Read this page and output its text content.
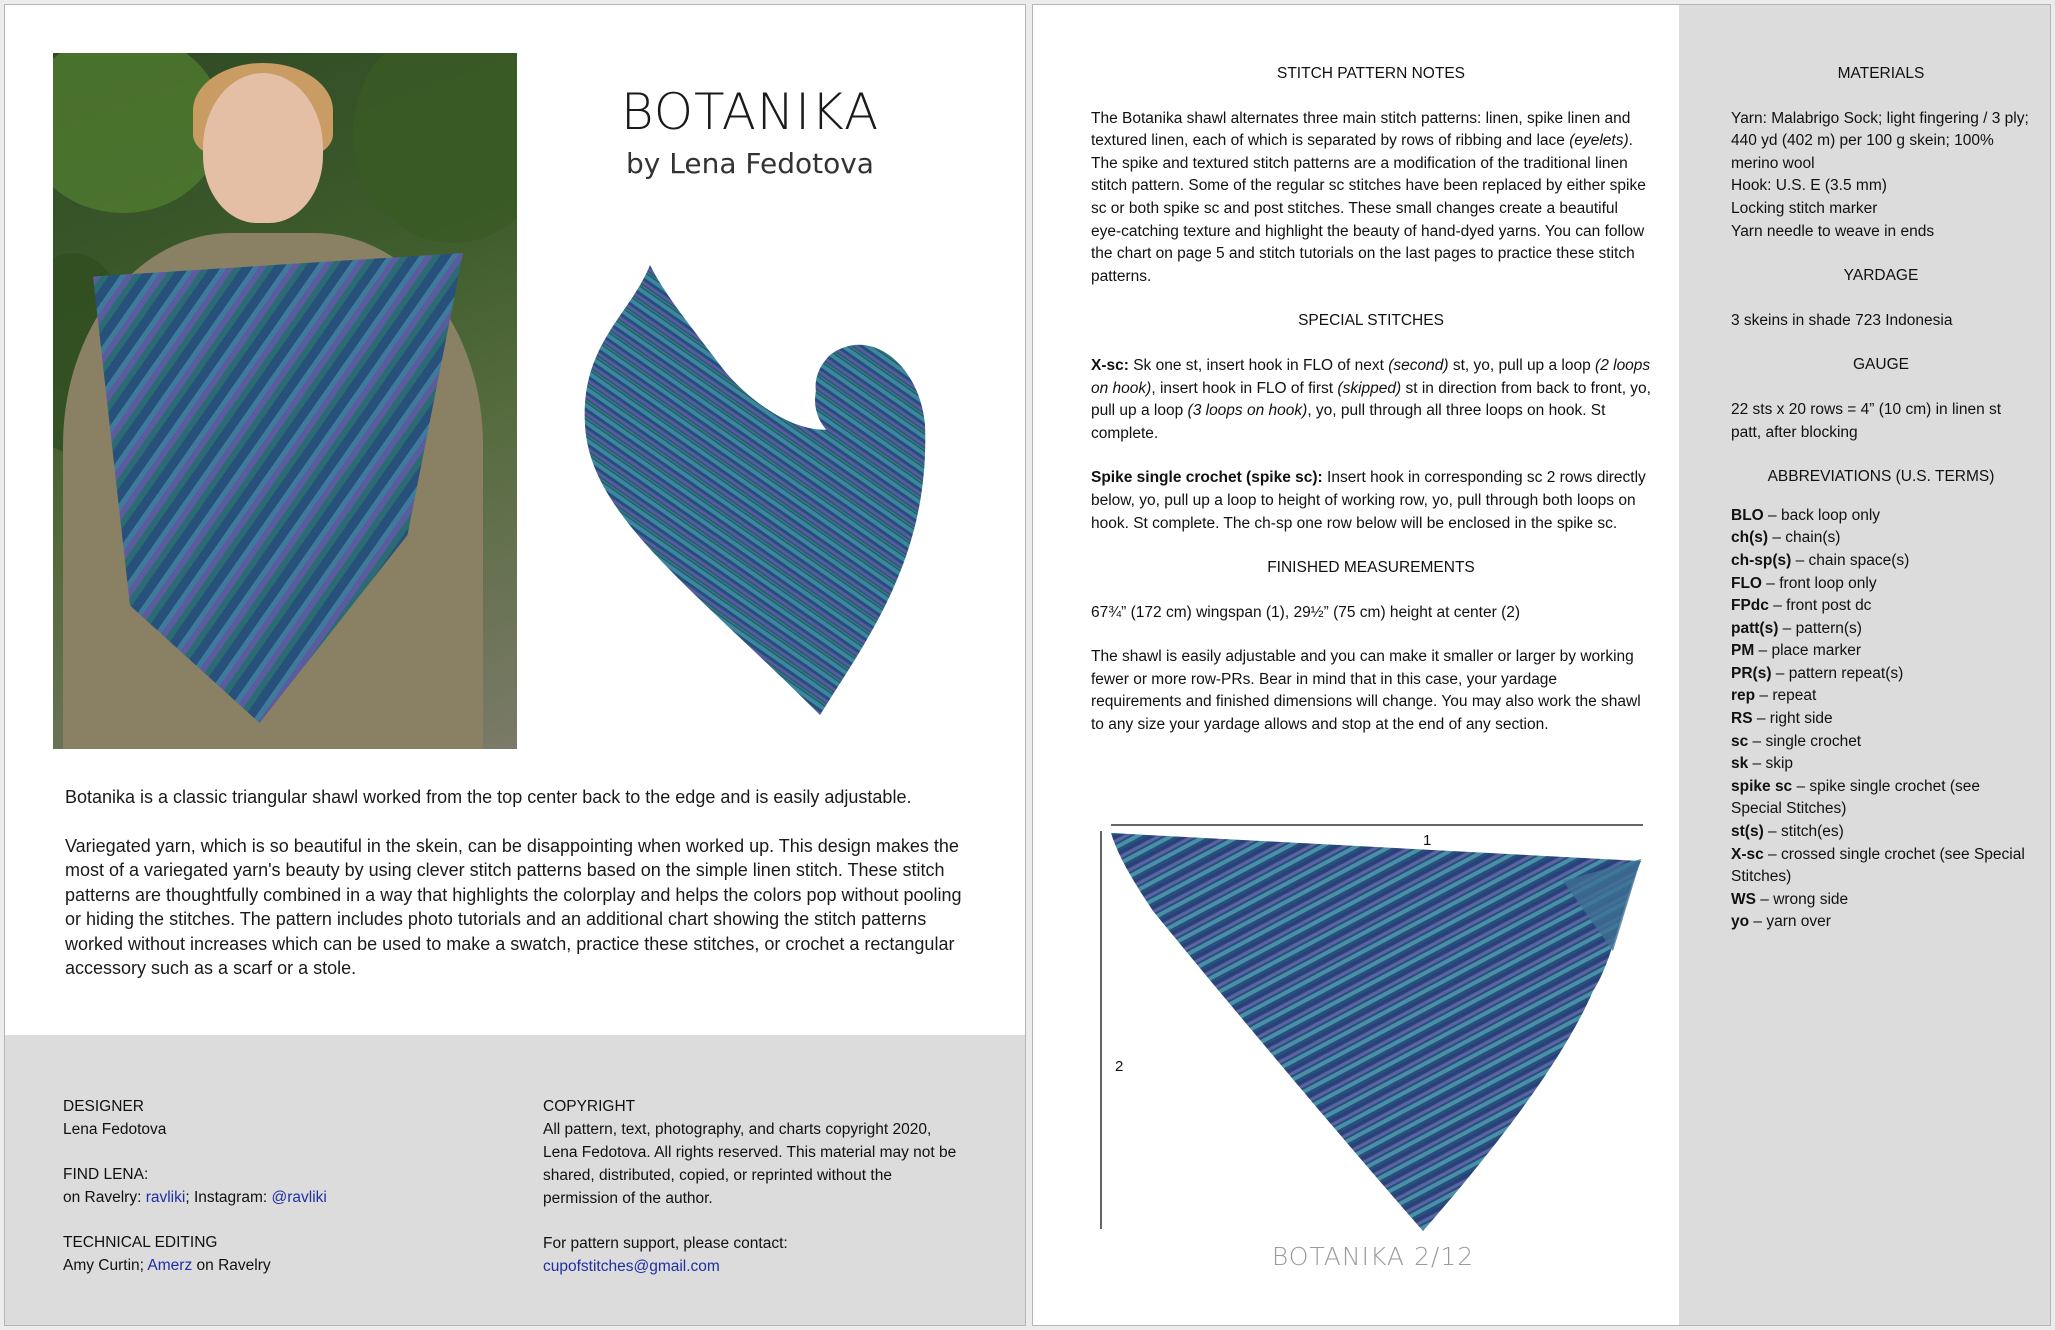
BOTANIKA
by Lena Fedotova

Botanika is a classic triangular shawl worked from the top center back to the edge and is easily adjustable.

Variegated yarn, which is so beautiful in the skein, can be disappointing when worked up. This design makes the most of a variegated yarn's beauty by using clever stitch patterns based on the simple linen stitch. These stitch patterns are thoughtfully combined in a way that highlights the colorplay and helps the colors pop without pooling or hiding the stitches. The pattern includes photo tutorials and an additional chart showing the stitch patterns worked without increases which can be used to make a swatch, practice these stitches, or crochet a rectangular accessory such as a scarf or a stole.

DESIGNER
Lena Fedotova
FIND LENA:
on Ravelry: ravliki; Instagram: @ravliki
TECHNICAL EDITING
Amy Curtin; Amerz on Ravelry
COPYRIGHT
All pattern, text, photography, and charts copyright 2020, Lena Fedotova. All rights reserved. This material may not be shared, distributed, copied, or reprinted without the permission of the author.
For pattern support, please contact:
cupofstitches@gmail.com
STITCH PATTERN NOTES

The Botanika shawl alternates three main stitch patterns: linen, spike linen and textured linen, each of which is separated by rows of ribbing and lace (eyelets). The spike and textured stitch patterns are a modification of the traditional linen stitch pattern. Some of the regular sc stitches have been replaced by either spike sc or both spike sc and post stitches. These small changes create a beautiful eye-catching texture and highlight the beauty of hand-dyed yarns. You can follow the chart on page 5 and stitch tutorials on the last pages to practice these stitch patterns.

SPECIAL STITCHES

X-sc: Sk one st, insert hook in FLO of next (second) st, yo, pull up a loop (2 loops on hook), insert hook in FLO of first (skipped) st in direction from back to front, yo, pull up a loop (3 loops on hook), yo, pull through all three loops on hook. St complete.

Spike single crochet (spike sc): Insert hook in corresponding sc 2 rows directly below, yo, pull up a loop to height of working row, yo, pull through both loops on hook. St complete. The ch-sp one row below will be enclosed in the spike sc.

FINISHED MEASUREMENTS

67¾” (172 cm) wingspan (1), 29½” (75 cm) height at center (2)

The shawl is easily adjustable and you can make it smaller or larger by working fewer or more row-PRs. Bear in mind that in this case, your yardage requirements and finished dimensions will change. You may also work the shawl to any size your yardage allows and stop at the end of any section.

1
2
BOTANIKA 2/12
MATERIALS

Yarn: Malabrigo Sock; light fingering / 3 ply; 440 yd (402 m) per 100 g skein; 100% merino wool
Hook: U.S. E (3.5 mm)
Locking stitch marker
Yarn needle to weave in ends

YARDAGE

3 skeins in shade 723 Indonesia

GAUGE

22 sts x 20 rows = 4” (10 cm) in linen st patt, after blocking

ABBREVIATIONS (U.S. TERMS)
BLO – back loop only
ch(s) – chain(s)
ch-sp(s) – chain space(s)
FLO – front loop only
FPdc – front post dc
patt(s) – pattern(s)
PM – place marker
PR(s) – pattern repeat(s)
rep – repeat
RS – right side
sc – single crochet
sk – skip
spike sc – spike single crochet (see Special Stitches)
st(s) – stitch(es)
X-sc – crossed single crochet (see Special Stitches)
WS – wrong side
yo – yarn over
